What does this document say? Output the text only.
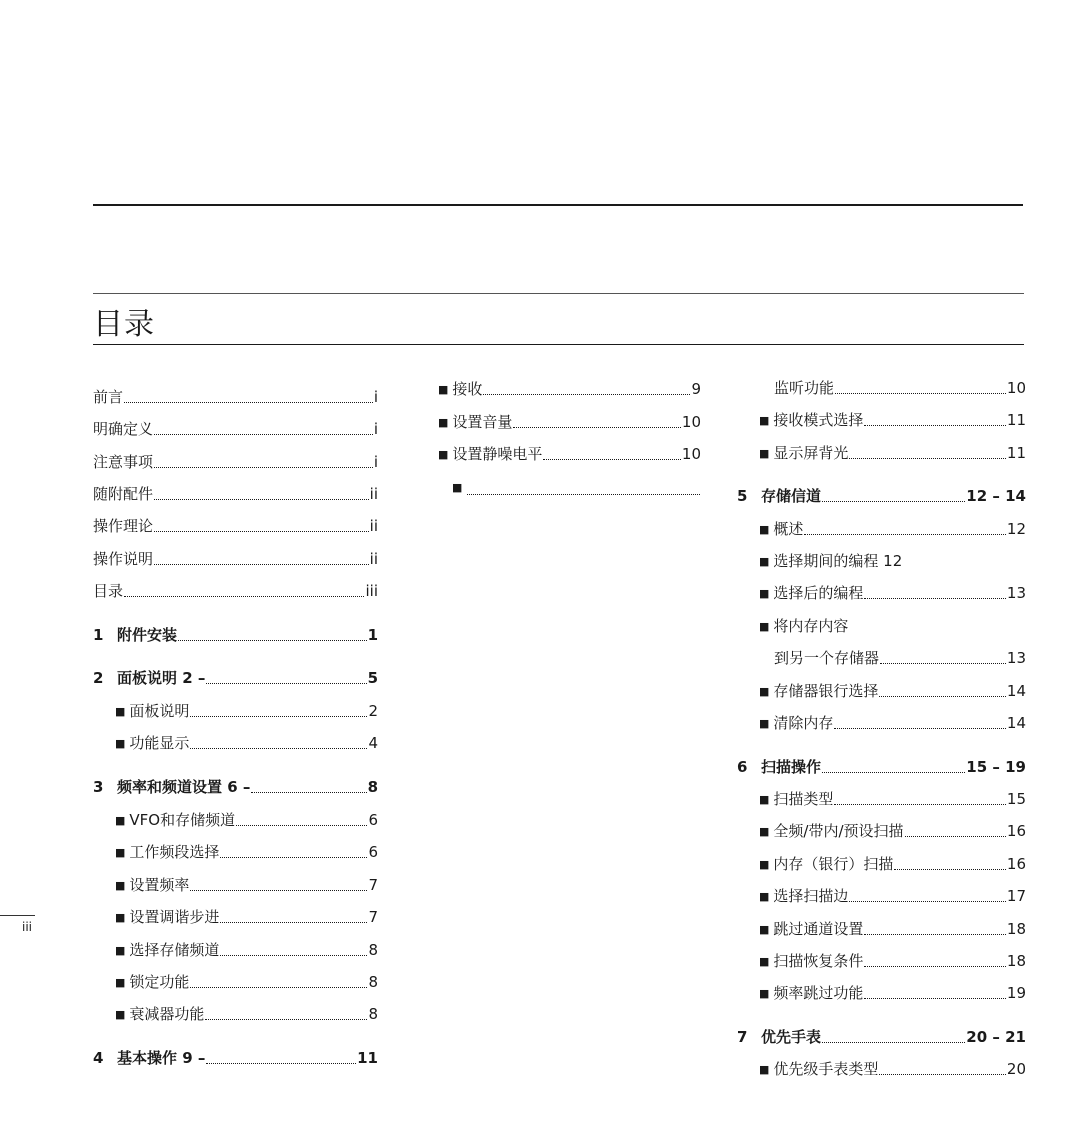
目录
前言	i
明确定义	i
注意事项	i
随附配件	ii
操作理论	ii
操作说明	ii
目录	iii
1 附件安装	1
2 面板说明 2 –	5
■ 面板说明	2
■ 功能显示	4
3 频率和频道设置 6 –	8
■ VFO和存储频道	6
■ 工作频段选择	6
■ 设置频率	7
■ 设置调谐步进	7
■ 选择存储频道	8
■ 锁定功能	8
■ 衰减器功能	8
4 基本操作 9 –	11
■ 接收	9
■ 设置音量	10
■ 设置静噪电平	10
■
监听功能	10
■ 接收模式选择	11
■ 显示屏背光	11
5 存储信道	12 – 14
■ 概述	12
■ 选择期间的编程 12
■ 选择后的编程	13
■ 将内存内容
到另一个存储器	13
■ 存储器银行选择	14
■ 清除内存	14
6 扫描操作	15 – 19
■ 扫描类型	15
■ 全频/带内/预设扫描	16
■ 内存（银行）扫描	16
■ 选择扫描边	17
■ 跳过通道设置	18
■ 扫描恢复条件	18
■ 频率跳过功能	19
7 优先手表	20 – 21
■ 优先级手表类型	20
iii
